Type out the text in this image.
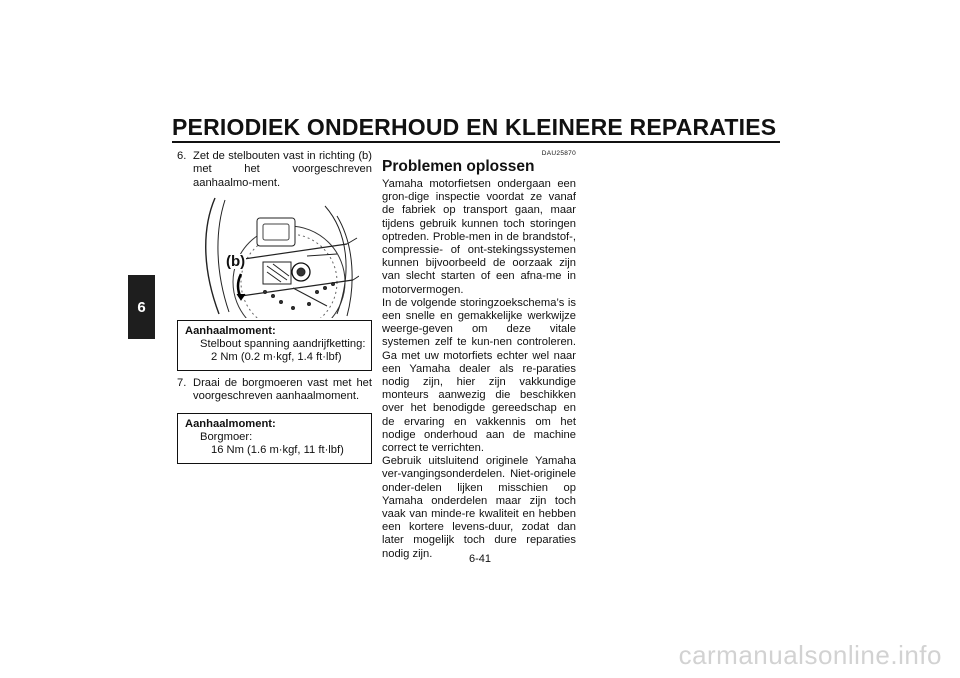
PERIODIEK ONDERHOUD EN KLEINERE REPARATIES
6
6. Zet de stelbouten vast in richting (b) met het voorgeschreven aanhaalmo-ment.
(b)
Aanhaalmoment:
Stelbout spanning aandrijfketting:
2 Nm (0.2 m·kgf, 1.4 ft·lbf)
7. Draai de borgmoeren vast met het voorgeschreven aanhaalmoment.
Aanhaalmoment:
Borgmoer:
16 Nm (1.6 m·kgf, 11 ft·lbf)
DAU25870
Problemen oplossen
Yamaha motorfietsen ondergaan een gron-dige inspectie voordat ze vanaf de fabriek op transport gaan, maar tijdens gebruik kunnen toch storingen optreden. Proble-men in de brandstof-, compressie- of ont-stekingssystemen kunnen bijvoorbeeld de oorzaak zijn van slecht starten of een afna-me in motorvermogen.
In de volgende storingzoekschema’s is een snelle en gemakkelijke werkwijze weerge-geven om deze vitale systemen zelf te kun-nen controleren. Ga met uw motorfiets echter wel naar een Yamaha dealer als re-paraties nodig zijn, hier zijn vakkundige monteurs aanwezig die beschikken over het benodigde gereedschap en de ervaring en vakkennis om het nodige onderhoud aan de machine correct te verrichten.
Gebruik uitsluitend originele Yamaha ver-vangingsonderdelen. Niet-originele onder-delen lijken misschien op Yamaha onderdelen maar zijn toch vaak van minde-re kwaliteit en hebben een kortere levens-duur, zodat dan later mogelijk toch dure reparaties nodig zijn.	6-41
carmanualsonline.info
